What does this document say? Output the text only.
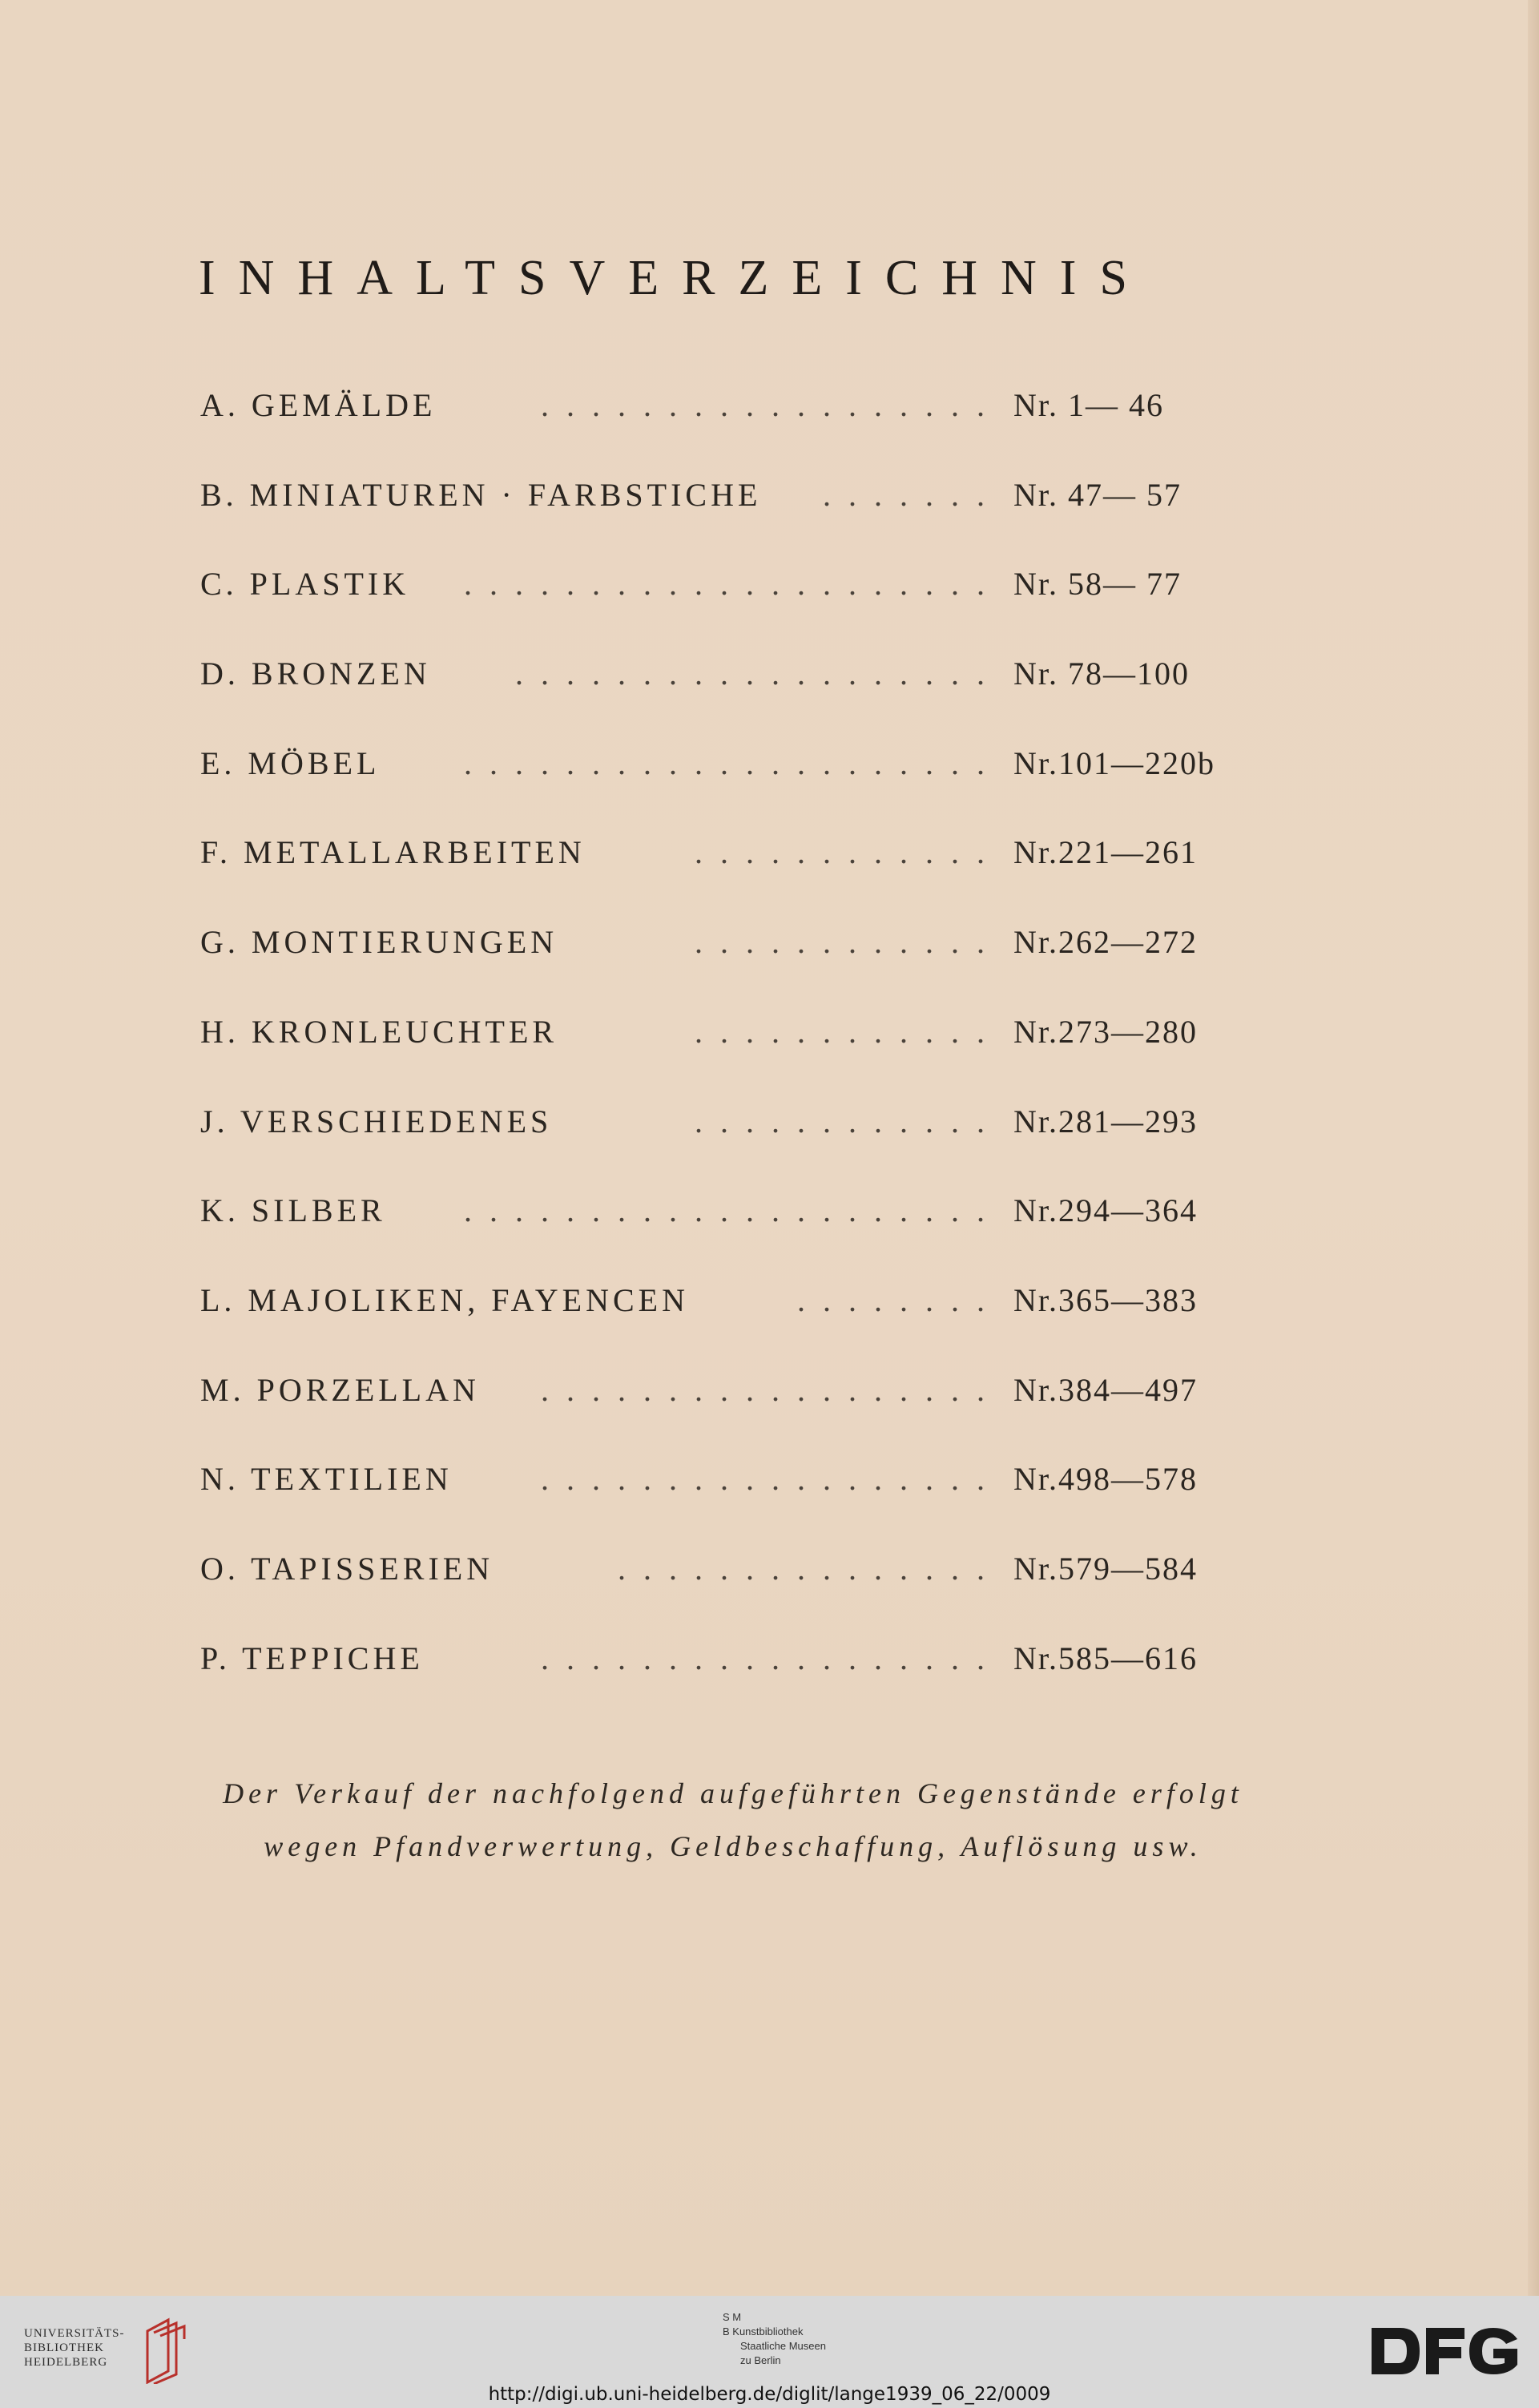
INHALTSVERZEICHNIS
. . . . . . . . . . . . . . . . . .
A. GEMÄLDE	Nr. 1— 46
. . . . . . .
B. MINIATUREN · FARBSTICHE	Nr. 47— 57
. . . . . . . . . . . . . . . . . . . . .
C. PLASTIK	Nr. 58— 77
. . . . . . . . . . . . . . . . . . .
D. BRONZEN	Nr. 78—100
. . . . . . . . . . . . . . . . . . . . .
E. MÖBEL	Nr.101—220b
. . . . . . . . . . . .
F. METALLARBEITEN	Nr.221—261
. . . . . . . . . . . .
G. MONTIERUNGEN	Nr.262—272
. . . . . . . . . . . .
H. KRONLEUCHTER	Nr.273—280
. . . . . . . . . . . .
J. VERSCHIEDENES	Nr.281—293
. . . . . . . . . . . . . . . . . . . . .
K. SILBER	Nr.294—364
. . . . . . . .
L. MAJOLIKEN, FAYENCEN	Nr.365—383
. . . . . . . . . . . . . . . . . .
M. PORZELLAN	Nr.384—497
. . . . . . . . . . . . . . . . . .
N. TEXTILIEN	Nr.498—578
. . . . . . . . . . . . . . .
O. TAPISSERIEN	Nr.579—584
. . . . . . . . . . . . . . . . . .
P. TEPPICHE	Nr.585—616
Der Verkauf der nachfolgend aufgeführten Gegenstände erfolgt
wegen Pfandverwertung, Geldbeschaffung, Auflösung usw.
UNIVERSITÄTS-
BIBLIOTHEK
HEIDELBERG
S M
B Kunstbibliothek
Staatliche Museen
zu Berlin
http://digi.ub.uni-heidelberg.de/diglit/lange1939_06_22/0009
